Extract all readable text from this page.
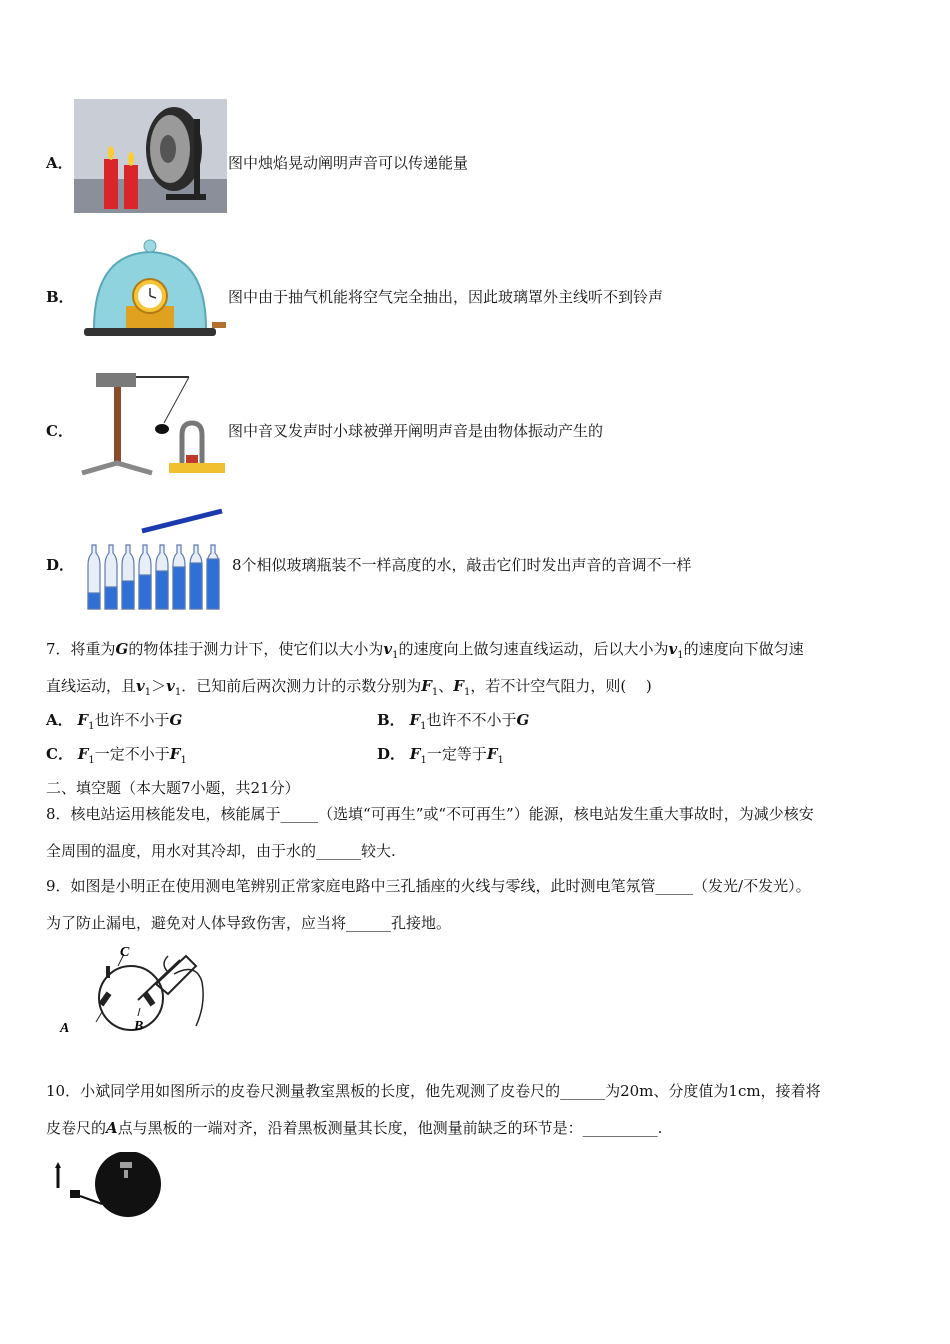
A．	图中烛焰晃动阐明声音可以传递能量
B．	图中由于抽气机能将空气完全抽出，因此玻璃罩外主线听不到铃声
C．	图中音叉发声时小球被弹开阐明声音是由物体振动产生的
D．	8个相似玻璃瓶装不一样高度的水，敲击它们时发出声音的音调不一样
7．将重为G的物体挂于测力计下，使它们以大小为$v_1$的速度向上做匀速直线运动，后以大小为$v_1$的速度向下做匀速
直线运动，且$v_1>v_1$．已知前后两次测力计的示数分别为$F_1$、$F_1$，若不计空气阻力，则(　 )
A． $F_1$也许不小于G	B． $F_1$也许不不小于G
C． $F_1$一定不小于$F_1$	D． $F_1$一定等于$F_1$
二、填空题（本大题7小题，共21分）
8．核电站运用核能发电，核能属于_____（选填“可再生”或“不可再生”）能源，核电站发生重大事故时，为减少核安
全周围的温度，用水对其冷却，由于水的______较大.
9．如图是小明正在使用测电笔辨别正常家庭电路中三孔插座的火线与零线，此时测电笔氖管_____（发光/不发光）。
为了防止漏电，避免对人体导致伤害，应当将______孔接地。
A	B
C
10．小斌同学用如图所示的皮卷尺测量教室黑板的长度，他先观测了皮卷尺的______为20m、分度值为1cm，接着将
皮卷尺的A点与黑板的一端对齐，沿着黑板测量其长度，他测量前缺乏的环节是：__________.
